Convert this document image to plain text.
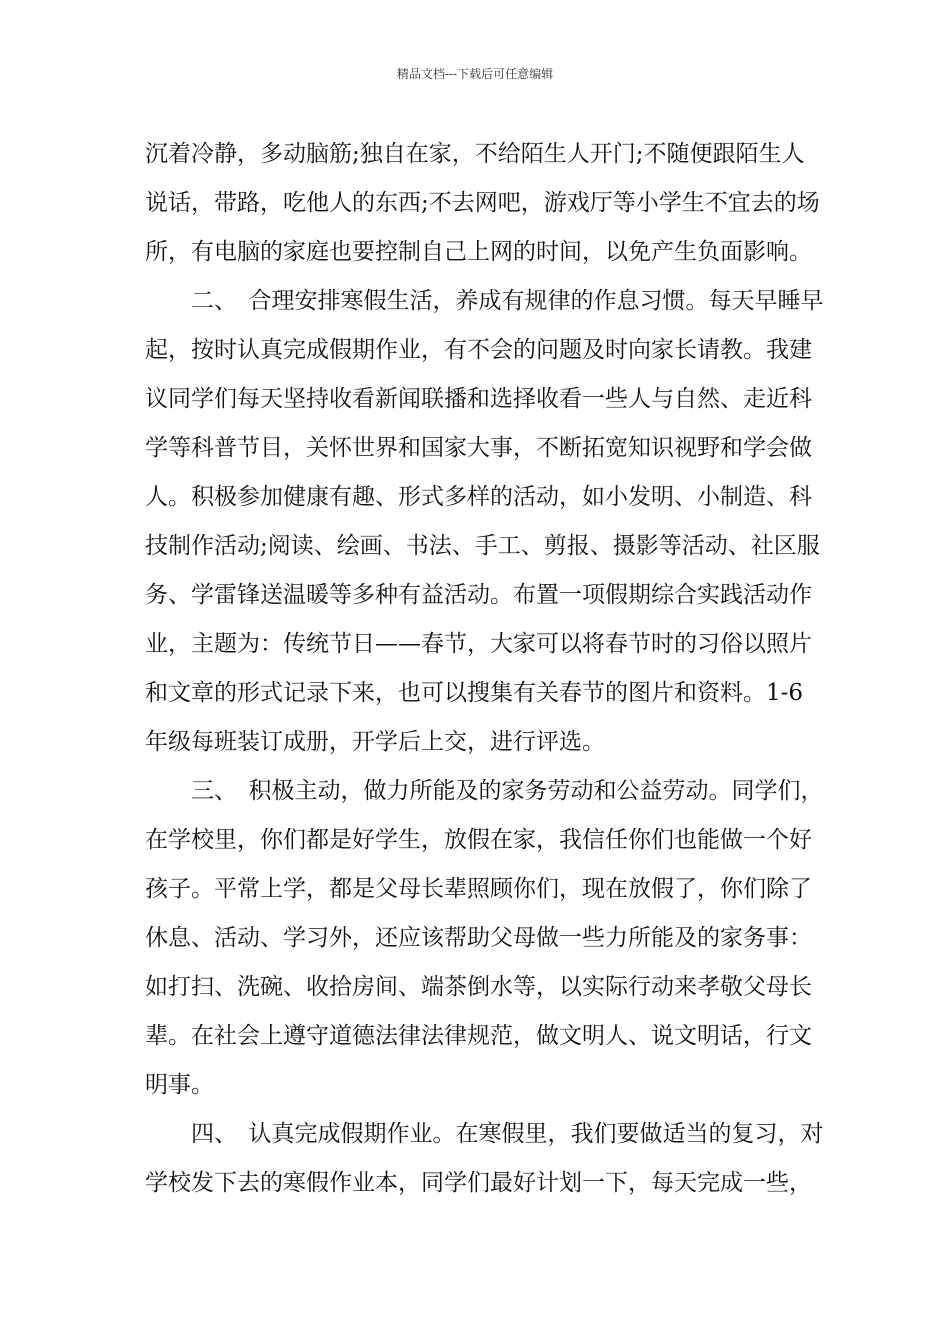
精品文档---下载后可任意编辑
沉着冷静，多动脑筋;独自在家，不给陌生人开门;不随便跟陌生人
说话，带路，吃他人的东西;不去网吧，游戏厅等小学生不宜去的场
所，有电脑的家庭也要控制自己上网的时间，以免产生负面影响。
二、　合理安排寒假生活，养成有规律的作息习惯。每天早睡早
起，按时认真完成假期作业，有不会的问题及时向家长请教。我建
议同学们每天坚持收看新闻联播和选择收看一些人与自然、走近科
学等科普节目，关怀世界和国家大事，不断拓宽知识视野和学会做
人。积极参加健康有趣、形式多样的活动，如小发明、小制造、科
技制作活动;阅读、绘画、书法、手工、剪报、摄影等活动、社区服
务、学雷锋送温暖等多种有益活动。布置一项假期综合实践活动作
业，主题为：传统节日——春节，大家可以将春节时的习俗以照片
和文章的形式记录下来，也可以搜集有关春节的图片和资料。1-6
年级每班装订成册，开学后上交，进行评选。
三、　积极主动，做力所能及的家务劳动和公益劳动。同学们，
在学校里，你们都是好学生，放假在家，我信任你们也能做一个好
孩子。平常上学，都是父母长辈照顾你们，现在放假了，你们除了
休息、活动、学习外，还应该帮助父母做一些力所能及的家务事：
如打扫、洗碗、收拾房间、端茶倒水等，以实际行动来孝敬父母长
辈。在社会上遵守道德法律法律规范，做文明人、说文明话，行文
明事。
四、　认真完成假期作业。在寒假里，我们要做适当的复习，对
学校发下去的寒假作业本，同学们最好计划一下，每天完成一些，
